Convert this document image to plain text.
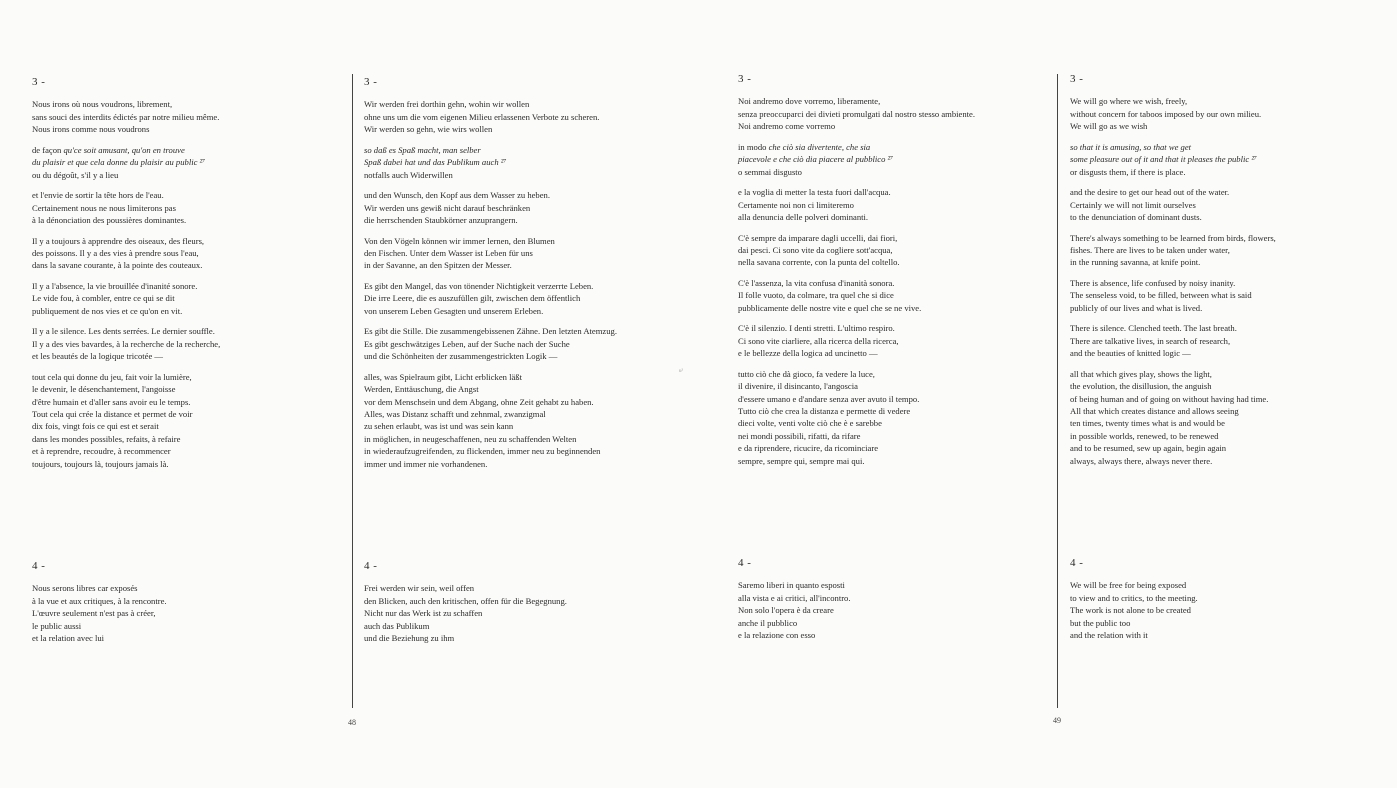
3 -

Nous irons où nous voudrons, librement,
sans souci des interdits édictés par notre milieu même.
Nous irons comme nous voudrons

de façon qu'ce soit amusant, qu'on en trouve
du plaisir et que cela donne du plaisir au public ²⁷
ou du dégoût, s'il y a lieu

et l'envie de sortir la tête hors de l'eau.
Certainement nous ne nous limiterons pas
à la dénonciation des poussières dominantes.

Il y a toujours à apprendre des oiseaux, des fleurs,
des poissons. Il y a des vies à prendre sous l'eau,
dans la savane courante, à la pointe des couteaux.

Il y a l'absence, la vie brouillée d'inanité sonore.
Le vide fou, à combler, entre ce qui se dit
publiquement de nos vies et ce qu'on en vit.

Il y a le silence. Les dents serrées. Le dernier souffle.
Il y a des vies bavardes, à la recherche de la recherche,
et les beautés de la logique tricotée —

tout cela qui donne du jeu, fait voir la lumière,
le devenir, le désenchantement, l'angoisse
d'être humain et d'aller sans avoir eu le temps.
Tout cela qui crée la distance et permet de voir
dix fois, vingt fois ce qui est et serait
dans les mondes possibles, refaits, à refaire
et à reprendre, recoudre, à recommencer
toujours, toujours là, toujours jamais là.

4 -

Nous serons libres car exposés
à la vue et aux critiques, à la rencontre.
L'œuvre seulement n'est pas à créer,
le public aussi
et la relation avec lui

3 -

Wir werden frei dorthin gehn, wohin wir wollen
ohne uns um die vom eigenen Milieu erlassenen Verbote zu scheren.
Wir werden so gehn, wie wirs wollen

so daß es Spaß macht, man selber
Spaß dabei hat und das Publikum auch ²⁷
notfalls auch Widerwillen

und den Wunsch, den Kopf aus dem Wasser zu heben.
Wir werden uns gewiß nicht darauf beschränken
die herrschenden Staubkörner anzuprangern.

Von den Vögeln können wir immer lernen, den Blumen
den Fischen. Unter dem Wasser ist Leben für uns
in der Savanne, an den Spitzen der Messer.

Es gibt den Mangel, das von tönender Nichtigkeit verzerrte Leben.
Die irre Leere, die es auszufüllen gilt, zwischen dem öffentlich
von unserem Leben Gesagten und unserem Erleben.

Es gibt die Stille. Die zusammengebissenen Zähne. Den letzten Atemzug.
Es gibt geschwätziges Leben, auf der Suche nach der Suche
und die Schönheiten der zusammengestrickten Logik —

alles, was Spielraum gibt, Licht erblicken läßt
Werden, Enttäuschung, die Angst
vor dem Menschsein und dem Abgang, ohne Zeit gehabt zu haben.
Alles, was Distanz schafft und zehnmal, zwanzigmal
zu sehen erlaubt, was ist und was sein kann
in möglichen, in neugeschaffenen, neu zu schaffenden Welten
in wiederaufzugreifenden, zu flickenden, immer neu zu beginnenden
immer und immer nie vorhandenen.

4 -

Frei werden wir sein, weil offen
den Blicken, auch den kritischen, offen für die Begegnung.
Nicht nur das Werk ist zu schaffen
auch das Publikum
und die Beziehung zu ihm

3 -

Noi andremo dove vorremo, liberamente,
senza preoccuparci dei divieti promulgati dal nostro stesso ambiente.
Noi andremo come vorremo

in modo che ciò sia divertente, che sia
piacevole e che ciò dia piacere al pubblico ²⁷
o semmai disgusto

e la voglia di metter la testa fuori dall'acqua.
Certamente noi non ci limiteremo
alla denuncia delle polveri dominanti.

C'è sempre da imparare dagli uccelli, dai fiori,
dai pesci. Ci sono vite da cogliere sott'acqua,
nella savana corrente, con la punta del coltello.

C'è l'assenza, la vita confusa d'inanità sonora.
Il folle vuoto, da colmare, tra quel che si dice
pubblicamente delle nostre vite e quel che se ne vive.

C'è il silenzio. I denti stretti. L'ultimo respiro.
Ci sono vite ciarliere, alla ricerca della ricerca,
e le bellezze della logica ad uncinetto —

tutto ciò che dà gioco, fa vedere la luce,
il divenire, il disincanto, l'angoscia
d'essere umano e d'andare senza aver avuto il tempo.
Tutto ciò che crea la distanza e permette di vedere
dieci volte, venti volte ciò che è e sarebbe
nei mondi possibili, rifatti, da rifare
e da riprendere, ricucire, da ricominciare
sempre, sempre qui, sempre mai qui.

4 -

Saremo liberi in quanto esposti
alla vista e ai critici, all'incontro.
Non solo l'opera è da creare
anche il pubblico
e la relazione con esso

3 -

We will go where we wish, freely,
without concern for taboos imposed by our own milieu.
We will go as we wish

so that it is amusing, so that we get
some pleasure out of it and that it pleases the public ²⁷
or disgusts them, if there is place.

and the desire to get our head out of the water.
Certainly we will not limit ourselves
to the denunciation of dominant dusts.

There's always something to be learned from birds, flowers,
fishes. There are lives to be taken under water,
in the running savanna, at knife point.

There is absence, life confused by noisy inanity.
The senseless void, to be filled, between what is said
publicly of our lives and what is lived.

There is silence. Clenched teeth. The last breath.
There are talkative lives, in search of research,
and the beauties of knitted logic —

all that which gives play, shows the light,
the evolution, the disillusion, the anguish
of being human and of going on without having had time.
All that which creates distance and allows seeing
ten times, twenty times what is and would be
in possible worlds, renewed, to be renewed
and to be resumed, sew up again, begin again
always, always there, always never there.

4 -

We will be free for being exposed
to view and to critics, to the meeting.
The work is not alone to be created
but the public too
and the relation with it

48	49
u²
